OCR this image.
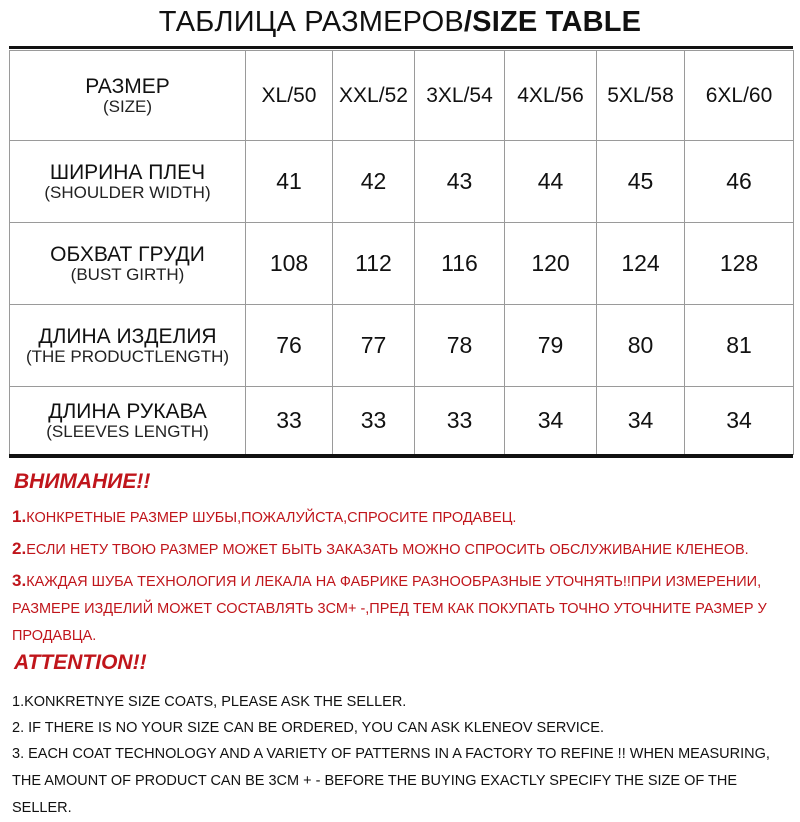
ТАБЛИЦА РАЗМЕРОВ/SIZE TABLE
РАЗМЕР
(SIZE)	XL/50	XXL/52	3XL/54	4XL/56	5XL/58	6XL/60

ШИРИНА ПЛЕЧ
(SHOULDER WIDTH)	41	42	43	44	45	46

ОБХВАТ ГРУДИ
(BUST GIRTH)	108	112	116	120	124	128

ДЛИНА ИЗДЕЛИЯ
(THE PRODUCTLENGTH)	76	77	78	79	80	81

ДЛИНА РУКАВА
(SLEEVES LENGTH)	33	33	33	34	34	34
ВНИМАНИЕ!!
1.КОНКРЕТНЫЕ РАЗМЕР ШУБЫ,ПОЖАЛУЙСТА,СПРОСИТЕ ПРОДАВЕЦ.
2.ЕСЛИ НЕТУ ТВОЮ РАЗМЕР МОЖЕТ БЫТЬ ЗАКАЗАТЬ МОЖНО СПРОСИТЬ ОБСЛУЖИВАНИЕ КЛЕНЕОВ.
3.КАЖДАЯ ШУБА ТЕХНОЛОГИЯ И ЛЕКАЛА НА ФАБРИКЕ РАЗНООБРАЗНЫЕ УТОЧНЯТЬ!!ПРИ ИЗМЕРЕНИИ, РАЗМЕРЕ ИЗДЕЛИЙ МОЖЕТ СОСТАВЛЯТЬ 3СМ+ -,ПРЕД ТЕМ КАК ПОКУПАТЬ ТОЧНО УТОЧНИТЕ РАЗМЕР У ПРОДАВЦА.
ATTENTION!!
1.KONKRETNYE SIZE COATS, PLEASE ASK THE SELLER.
2. IF THERE IS NO YOUR SIZE CAN BE ORDERED, YOU CAN ASK KLENEOV SERVICE.
3. EACH COAT TECHNOLOGY AND A VARIETY OF PATTERNS IN A FACTORY TO REFINE !! WHEN MEASURING, THE AMOUNT OF PRODUCT CAN BE 3CM + - BEFORE THE BUYING EXACTLY SPECIFY THE SIZE OF THE SELLER.
